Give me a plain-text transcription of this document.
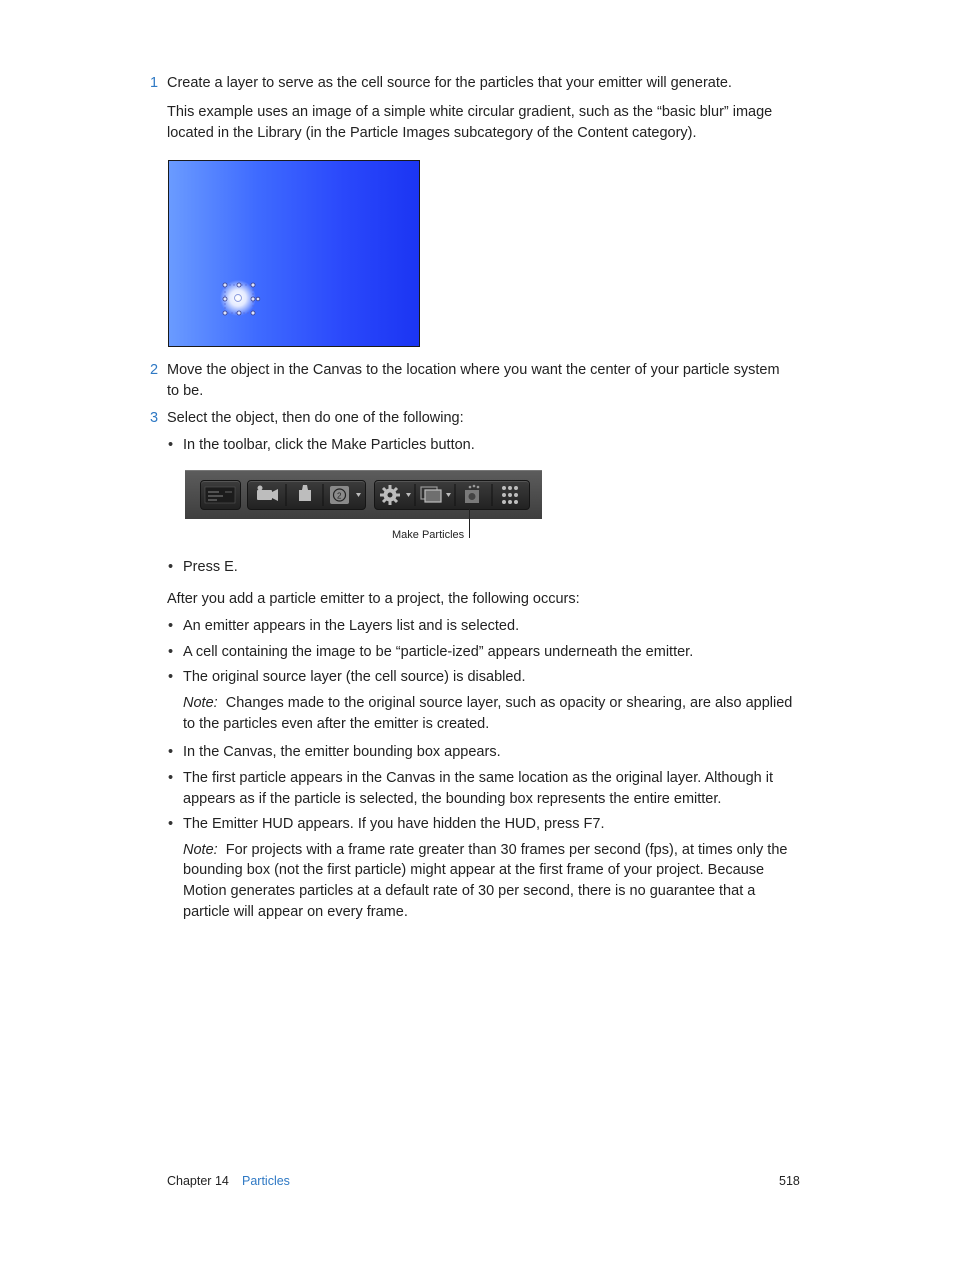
1 Create a layer to serve as the cell source for the particles that your emitter will generate.
This example uses an image of a simple white circular gradient, such as the “basic blur” image
located in the Library (in the Particle Images subcategory of the Content category).
2 Move the object in the Canvas to the location where you want the center of your particle system
to be.
3 Select the object, then do one of the following:
• In the toolbar, click the Make Particles button.
2
Make Particles
• Press E.
After you add a particle emitter to a project, the following occurs:
• An emitter appears in the Layers list and is selected.
• A cell containing the image to be “particle-ized” appears underneath the emitter.
• The original source layer (the cell source) is disabled.
Note: Changes made to the original source layer, such as opacity or shearing, are also applied
to the particles even after the emitter is created.
• In the Canvas, the emitter bounding box appears.
• The first particle appears in the Canvas in the same location as the original layer. Although it
appears as if the particle is selected, the bounding box represents the entire emitter.
• The Emitter HUD appears. If you have hidden the HUD, press F7.
Note: For projects with a frame rate greater than 30 frames per second (fps), at times only the
bounding box (not the first particle) might appear at the first frame of your project. Because
Motion generates particles at a default rate of 30 per second, there is no guarantee that a
particle will appear on every frame.
Chapter 14 Particles	518
